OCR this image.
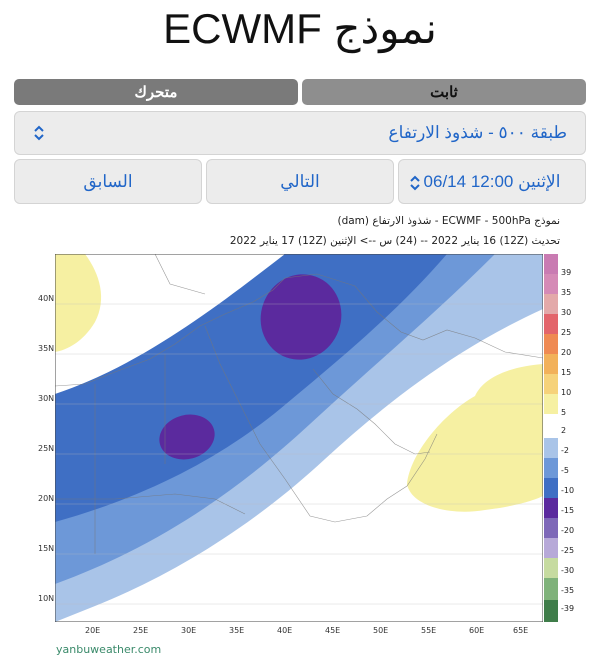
نموذج ECWMF
متحرك	ثابت
طبقة ٥٠٠ - شذوذ الارتفاع
الإثنين 12:00 06/14
التالي
السابق
نموذج ECWMF - 500hPa - شذوذ الارتفاع (dam)
تحديث (12Z) 16 يناير 2022 -- (24) س --> الإثنين (12Z) 17 يناير 2022
40N
35N
30N
25N
20N
15N
10N
20E	25E	30E	35E	40E	45E	50E	55E	60E	65E
39
35
30
25
20
15
10
5
2
-2
-5
-10
-15
-20
-25
-30
-35
-39
yanbuweather.com
